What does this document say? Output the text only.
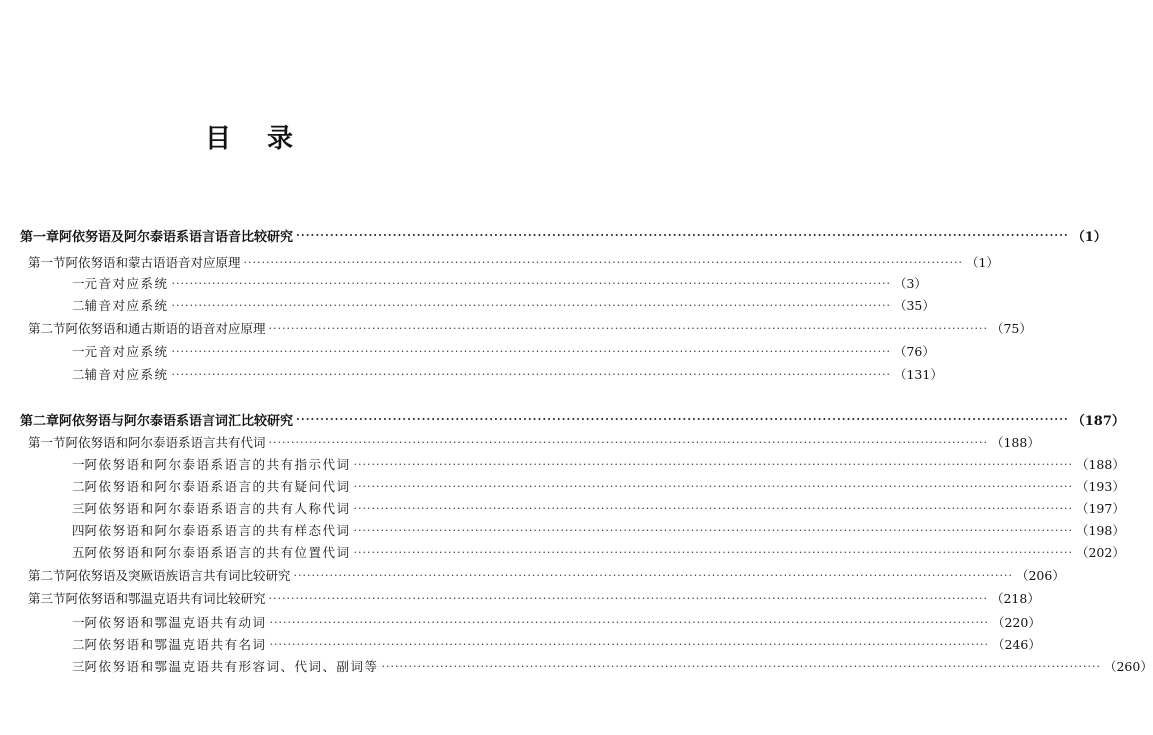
目 录
第一章 阿依努语及阿尔泰语系语言语音比较研究 ································································································································································ （1）
第一节 阿依努语和蒙古语语音对应原理 ································································································································································ （1）
一 元音对应系统 ································································································································································ （3）
二 辅音对应系统 ································································································································································ （35）
第二节 阿依努语和通古斯语的语音对应原理 ································································································································································ （75）
一 元音对应系统 ································································································································································ （76）
二 辅音对应系统 ································································································································································ （131）
第二章 阿依努语与阿尔泰语系语言词汇比较研究 ································································································································································ （187）
第一节 阿依努语和阿尔泰语系语言共有代词 ································································································································································ （188）
一 阿依努语和阿尔泰语系语言的共有指示代词 ································································································································································ （188）
二 阿依努语和阿尔泰语系语言的共有疑问代词 ································································································································································ （193）
三 阿依努语和阿尔泰语系语言的共有人称代词 ································································································································································ （197）
四 阿依努语和阿尔泰语系语言的共有样态代词 ································································································································································ （198）
五 阿依努语和阿尔泰语系语言的共有位置代词 ································································································································································ （202）
第二节 阿依努语及突厥语族语言共有词比较研究 ································································································································································ （206）
第三节 阿依努语和鄂温克语共有词比较研究 ································································································································································ （218）
一 阿依努语和鄂温克语共有动词 ································································································································································ （220）
二 阿依努语和鄂温克语共有名词 ································································································································································ （246）
三 阿依努语和鄂温克语共有形容词、代词、副词等 ································································································································································ （260）
